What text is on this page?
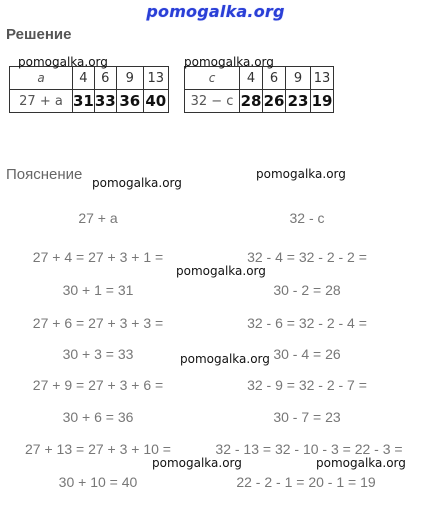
pomogalka.org
Решение
a	4	6	9	13
27 + a	31	33	36	40
c	4	6	9	13
32 − c	28	26	23	19
pomogalka.org	pomogalka.org
Пояснение pomogalka.org
pomogalka.org
27 + a	32 - c
27 + 4 = 27 + 3 + 1 =
30 + 1 = 31
27 + 6 = 27 + 3 + 3 =
30 + 3 = 33
27 + 9 = 27 + 3 + 6 =
30 + 6 = 36
27 + 13 = 27 + 3 + 10 =
30 + 10 = 40
32 - 4 = 32 - 2 - 2 =
30 - 2 = 28
32 - 6 = 32 - 2 - 4 =
30 - 4 = 26
32 - 9 = 32 - 2 - 7 =
30 - 7 = 23
32 - 13 = 32 - 10 - 3 = 22 - 3 =
22 - 2 - 1 = 20 - 1 = 19
pomogalka.org
pomogalka.org
pomogalka.org	pomogalka.org
